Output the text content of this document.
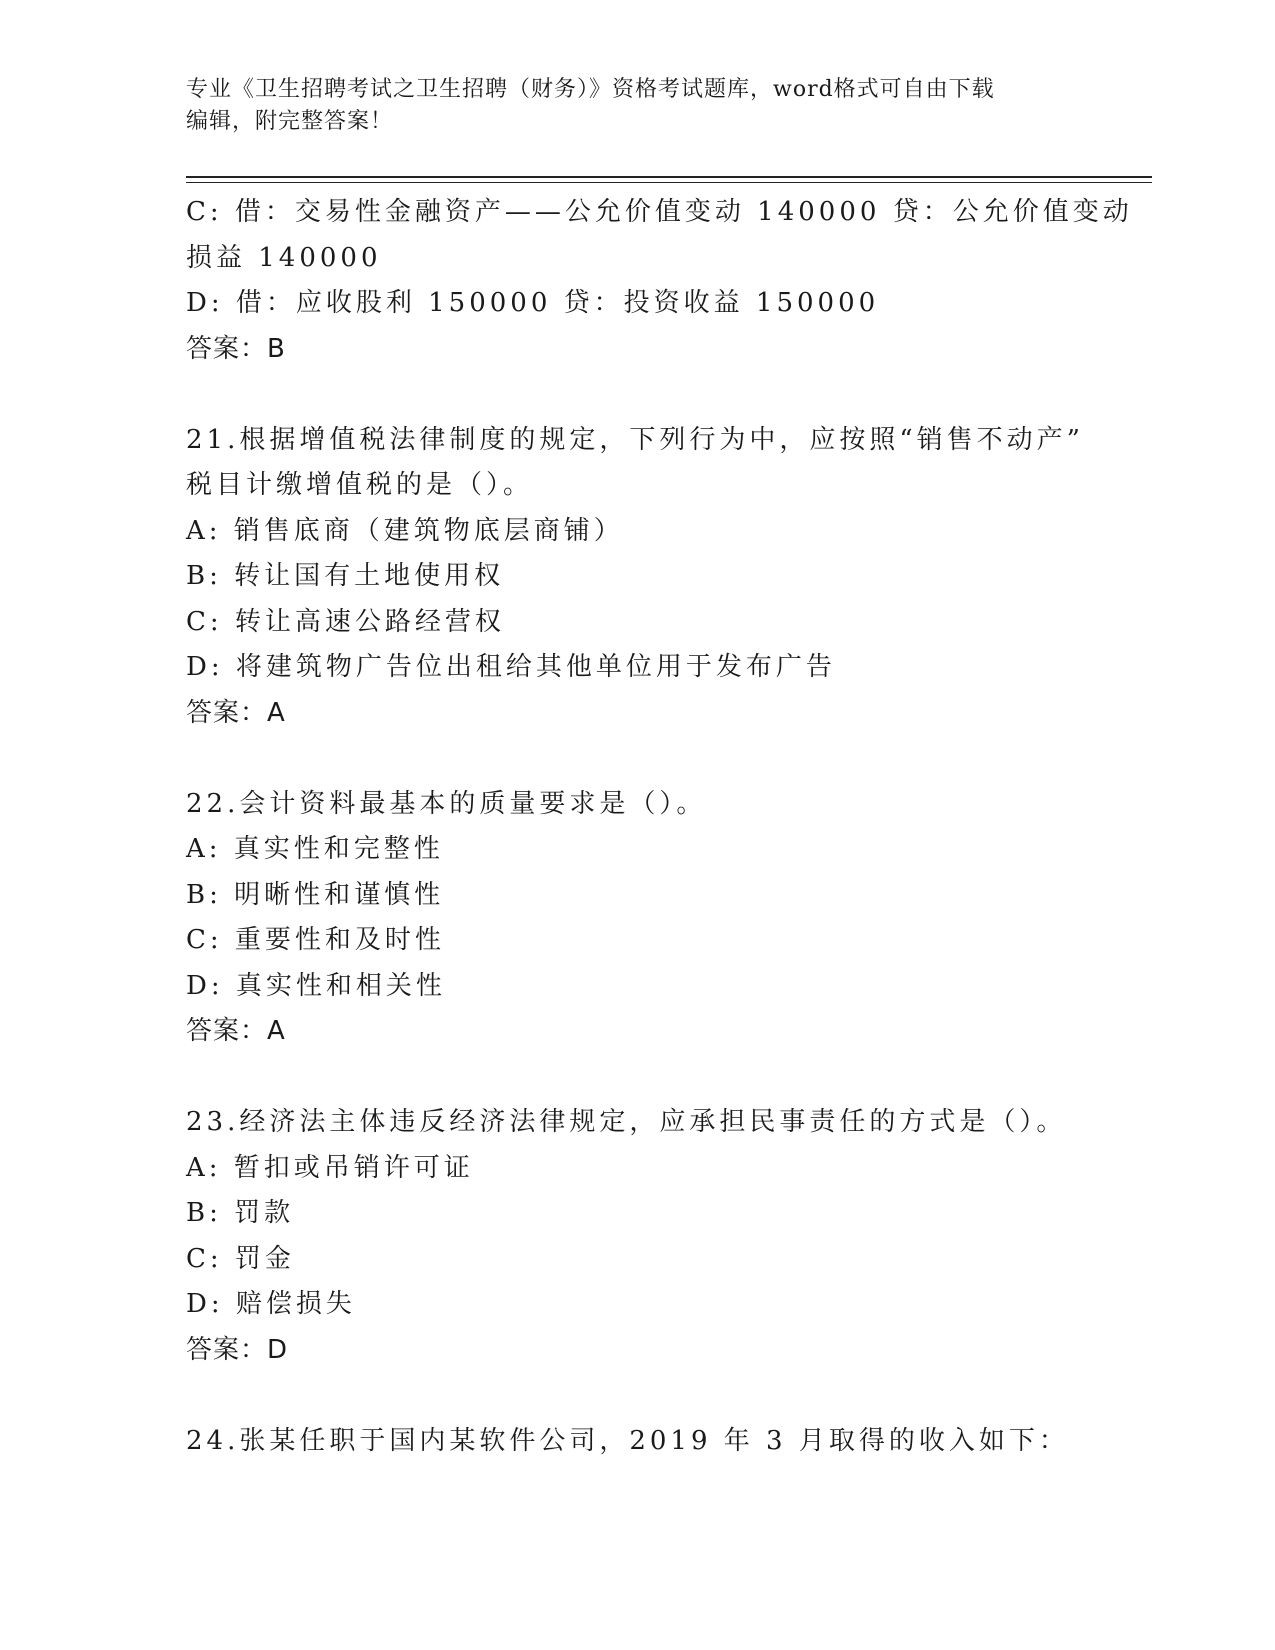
专业《卫生招聘考试之卫生招聘（财务）》资格考试题库，word格式可自由下载

编辑，附完整答案！

C: 借：交易性金融资产——公允价值变动 140000 贷：公允价值变动

损益 140000

D: 借：应收股利 150000 贷：投资收益 150000

答案：B

21.根据增值税法律制度的规定，下列行为中，应按照“销售不动产”

税目计缴增值税的是（）。

A: 销售底商（建筑物底层商铺）

B: 转让国有土地使用权

C: 转让高速公路经营权

D: 将建筑物广告位出租给其他单位用于发布广告

答案：A

22.会计资料最基本的质量要求是（）。

A: 真实性和完整性

B: 明晰性和谨慎性

C: 重要性和及时性

D: 真实性和相关性

答案：A

23.经济法主体违反经济法律规定，应承担民事责任的方式是（）。

A: 暂扣或吊销许可证

B: 罚款

C: 罚金

D: 赔偿损失

答案：D

24.张某任职于国内某软件公司，2019 年 3 月取得的收入如下：
